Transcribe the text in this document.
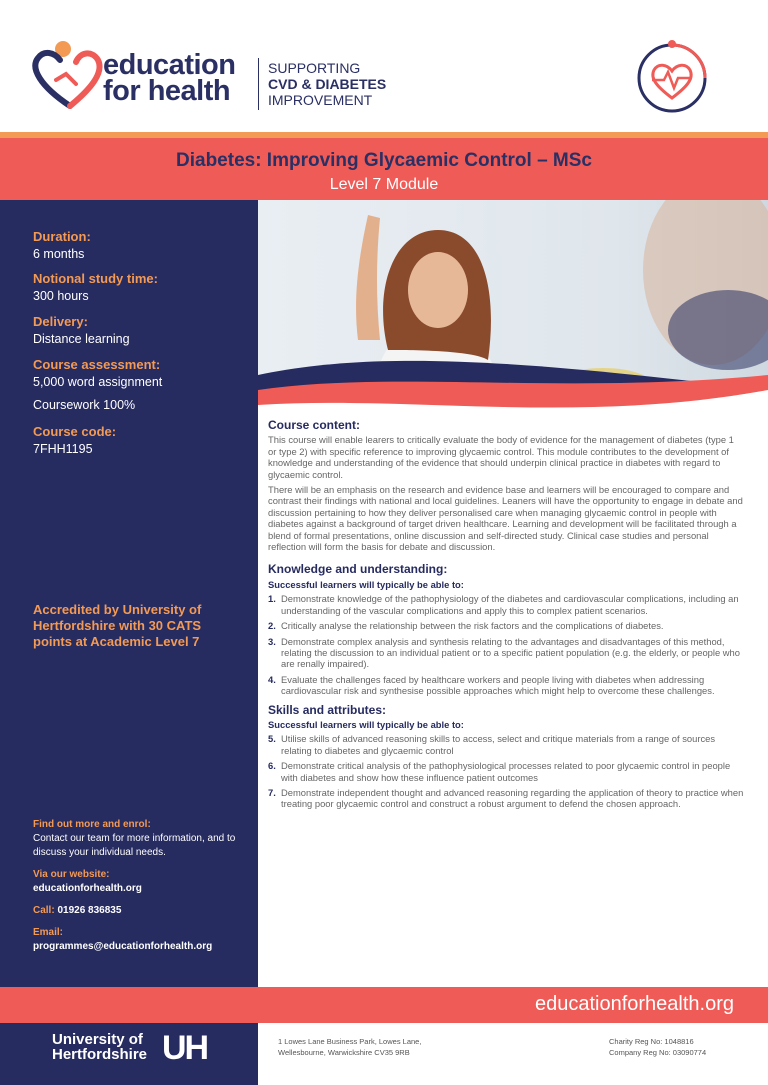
education
for health
SUPPORTING
CVD & DIABETES
IMPROVEMENT
Diabetes: Improving Glycaemic Control – MSc
Level 7 Module
Duration:
6 months
Notional study time:
300 hours
Delivery:
Distance learning
Course assessment:
5,000 word assignment
Coursework 100%
Course code:
7FHH1195
Accredited by University of Hertfordshire with 30 CATS points at Academic Level 7
Find out more and enrol:
Contact our team for more information, and to discuss your individual needs.
Via our website:
educationforhealth.org
Call: 01926 836835
Email:
programmes@educationforhealth.org
Course content:

This course will enable learers to critically evaluate the body of evidence for the management of diabetes (type 1 or type 2) with specific reference to improving glycaemic control. This module contributes to the development of knowledge and understanding of the evidence that should underpin clinical practice in diabetes with regard to glycaemic control.

There will be an emphasis on the research and evidence base and learners will be encouraged to compare and contrast their findings with national and local guidelines. Leaners will have the opportunity to engage in debate and discussion pertaining to how they deliver personalised care when managing glycaemic control in people with diabetes against a background of target driven healthcare. Learning and development will be facilitated through a blend of formal presentations, online discussion and self-directed study. Clinical case studies and personal reflection will form the basis for debate and discussion.

Knowledge and understanding:
Successful learners will typically be able to:
1. Demonstrate knowledge of the pathophysiology of the diabetes and cardiovascular complications, including an understanding of the vascular complications and apply this to complex patient scenarios.
2. Critically analyse the relationship between the risk factors and the complications of diabetes.
3. Demonstrate complex analysis and synthesis relating to the advantages and disadvantages of this method, relating the discussion to an individual patient or to a specific patient population (e.g. the elderly, or people who are renally impaired).
4. Evaluate the challenges faced by healthcare workers and people living with diabetes when addressing cardiovascular risk and synthesise possible approaches which might help to overcome these challenges.
Skills and attributes:
Successful learners will typically be able to:
5. Utilise skills of advanced reasoning skills to access, select and critique materials from a range of sources relating to diabetes and glycaemic control
6. Demonstrate critical analysis of the pathophysiological processes related to poor glycaemic control in people with diabetes and show how these influence patient outcomes
7. Demonstrate independent thought and advanced reasoning regarding the application of theory to practice when treating poor glycaemic control and construct a robust argument to defend the chosen approach.
educationforhealth.org
University of
Hertfordshire UH	1 Lowes Lane Business Park, Lowes Lane,
Wellesbourne, Warwickshire CV35 9RB
Charity Reg No: 1048816
Company Reg No: 03090774
